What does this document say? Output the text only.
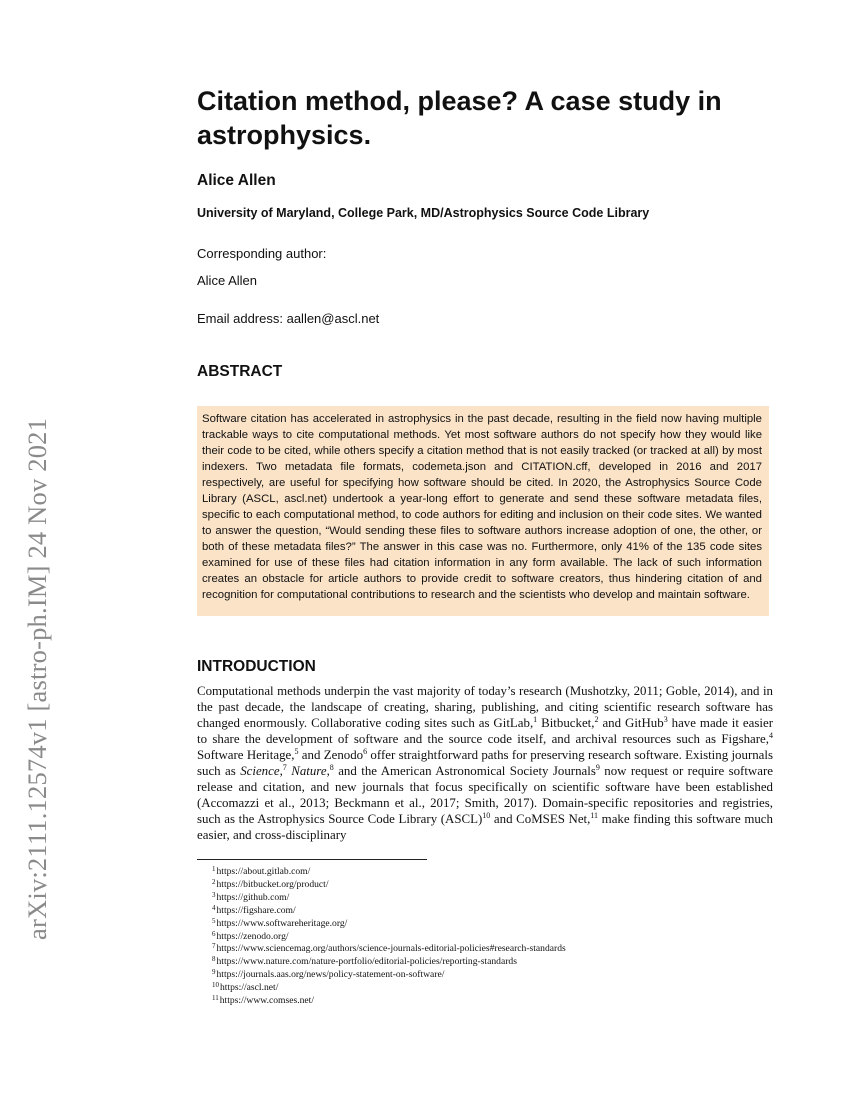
arXiv:2111.12574v1 [astro-ph.IM] 24 Nov 2021
Citation method, please? A case study in astrophysics.

Alice Allen

University of Maryland, College Park, MD/Astrophysics Source Code Library

Corresponding author:

Alice Allen

Email address: aallen@ascl.net

ABSTRACT
Software citation has accelerated in astrophysics in the past decade, resulting in the field now having multiple trackable ways to cite computational methods. Yet most software authors do not specify how they would like their code to be cited, while others specify a citation method that is not easily tracked (or tracked at all) by most indexers. Two metadata file formats, codemeta.json and CITATION.cff, developed in 2016 and 2017 respectively, are useful for specifying how software should be cited. In 2020, the Astrophysics Source Code Library (ASCL, ascl.net) undertook a year-long effort to generate and send these software metadata files, specific to each computational method, to code authors for editing and inclusion on their code sites. We wanted to answer the question, “Would sending these files to software authors increase adoption of one, the other, or both of these metadata files?” The answer in this case was no. Furthermore, only 41% of the 135 code sites examined for use of these files had citation information in any form available. The lack of such information creates an obstacle for article authors to provide credit to software creators, thus hindering citation of and recognition for computational contributions to research and the scientists who develop and maintain software.
INTRODUCTION

Computational methods underpin the vast majority of today’s research (Mushotzky, 2011; Goble, 2014), and in the past decade, the landscape of creating, sharing, publishing, and citing scientific research software has changed enormously. Collaborative coding sites such as GitLab,$^1$ Bitbucket,$^2$ and GitHub$^3$ have made it easier to share the development of software and the source code itself, and archival resources such as Figshare,$^4$ Software Heritage,$^5$ and Zenodo$^6$ offer straightforward paths for preserving research software. Existing journals such as Science,$^7$ Nature,$^8$ and the American Astronomical Society Journals$^9$ now request or require software release and citation, and new journals that focus specifically on scientific software have been established (Accomazzi et al., 2013; Beckmann et al., 2017; Smith, 2017). Domain-specific repositories and registries, such as the Astrophysics Source Code Library (ASCL)$^{10}$ and CoMSES Net,$^{11}$ make finding this software much easier, and cross-disciplinary

$^1$https://about.gitlab.com/
$^2$https://bitbucket.org/product/
$^3$https://github.com/
$^4$https://figshare.com/
$^5$https://www.softwareheritage.org/
$^6$https://zenodo.org/
$^7$https://www.sciencemag.org/authors/science-journals-editorial-policies#research-standards
$^8$https://www.nature.com/nature-portfolio/editorial-policies/reporting-standards
$^9$https://journals.aas.org/news/policy-statement-on-software/
$^{10}$https://ascl.net/
$^{11}$https://www.comses.net/
